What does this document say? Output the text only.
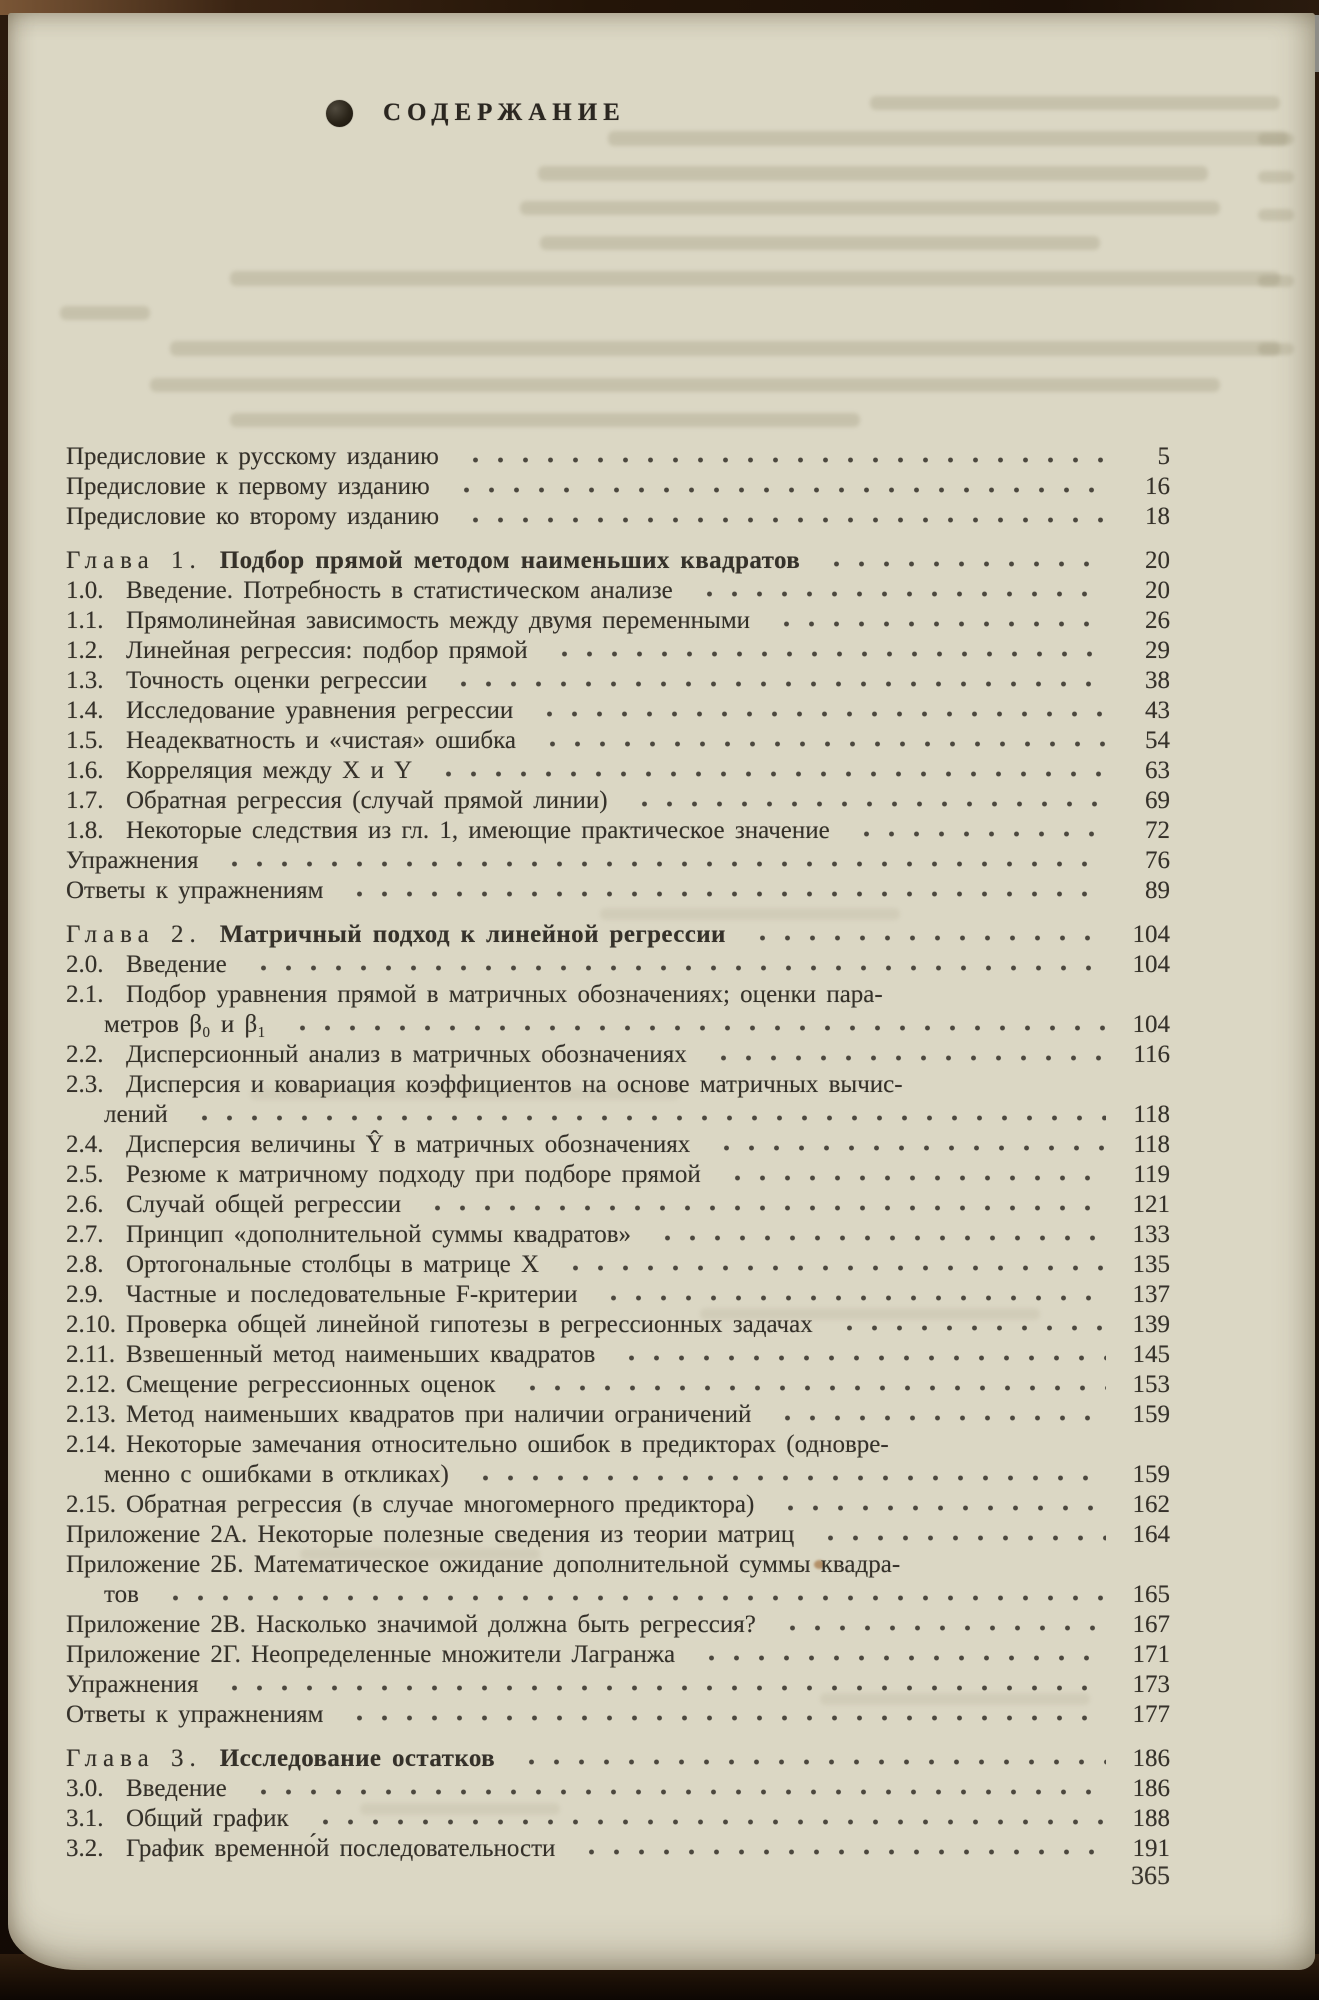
СОДЕРЖАНИЕ
Предисловие к русскому изданию	5
Предисловие к первому изданию	16
Предисловие ко второму изданию	18
Глава 1. Подбор прямой методом наименьших квадратов	20
1.0. Введение. Потребность в статистическом анализе	20
1.1. Прямолинейная зависимость между двумя переменными	26
1.2. Линейная регрессия: подбор прямой	29
1.3. Точность оценки регрессии	38
1.4. Исследование уравнения регрессии	43
1.5. Неадекватность и «чистая» ошибка	54
1.6. Корреляция между X и Y	63
1.7. Обратная регрессия (случай прямой линии)	69
1.8. Некоторые следствия из гл. 1, имеющие практическое значение	72
Упражнения	76
Ответы к упражнениям	89
Глава 2. Матричный подход к линейной регрессии	104
2.0. Введение	104
2.1. Подбор уравнения прямой в матричных обозначениях; оценки пара-
метров β₀ и β₁	104
2.2. Дисперсионный анализ в матричных обозначениях	116
2.3. Дисперсия и ковариация коэффициентов на основе матричных вычис-
лений	118
2.4. Дисперсия величины Ŷ в матричных обозначениях	118
2.5. Резюме к матричному подходу при подборе прямой	119
2.6. Случай общей регрессии	121
2.7. Принцип «дополнительной суммы квадратов»	133
2.8. Ортогональные столбцы в матрице X	135
2.9. Частные и последовательные F-критерии	137
2.10. Проверка общей линейной гипотезы в регрессионных задачах	139
2.11. Взвешенный метод наименьших квадратов	145
2.12. Смещение регрессионных оценок	153
2.13. Метод наименьших квадратов при наличии ограничений	159
2.14. Некоторые замечания относительно ошибок в предикторах (одновре-
менно с ошибками в откликах)	159
2.15. Обратная регрессия (в случае многомерного предиктора)	162
Приложение 2А. Некоторые полезные сведения из теории матриц	164
Приложение 2Б. Математическое ожидание дополнительной суммы квадра-
тов	165
Приложение 2В. Насколько значимой должна быть регрессия?	167
Приложение 2Г. Неопределенные множители Лагранжа	171
Упражнения	173
Ответы к упражнениям	177
Глава 3. Исследование остатков	186
3.0. Введение	186
3.1. Общий график	188
3.2. График временно́й последовательности	191
365
